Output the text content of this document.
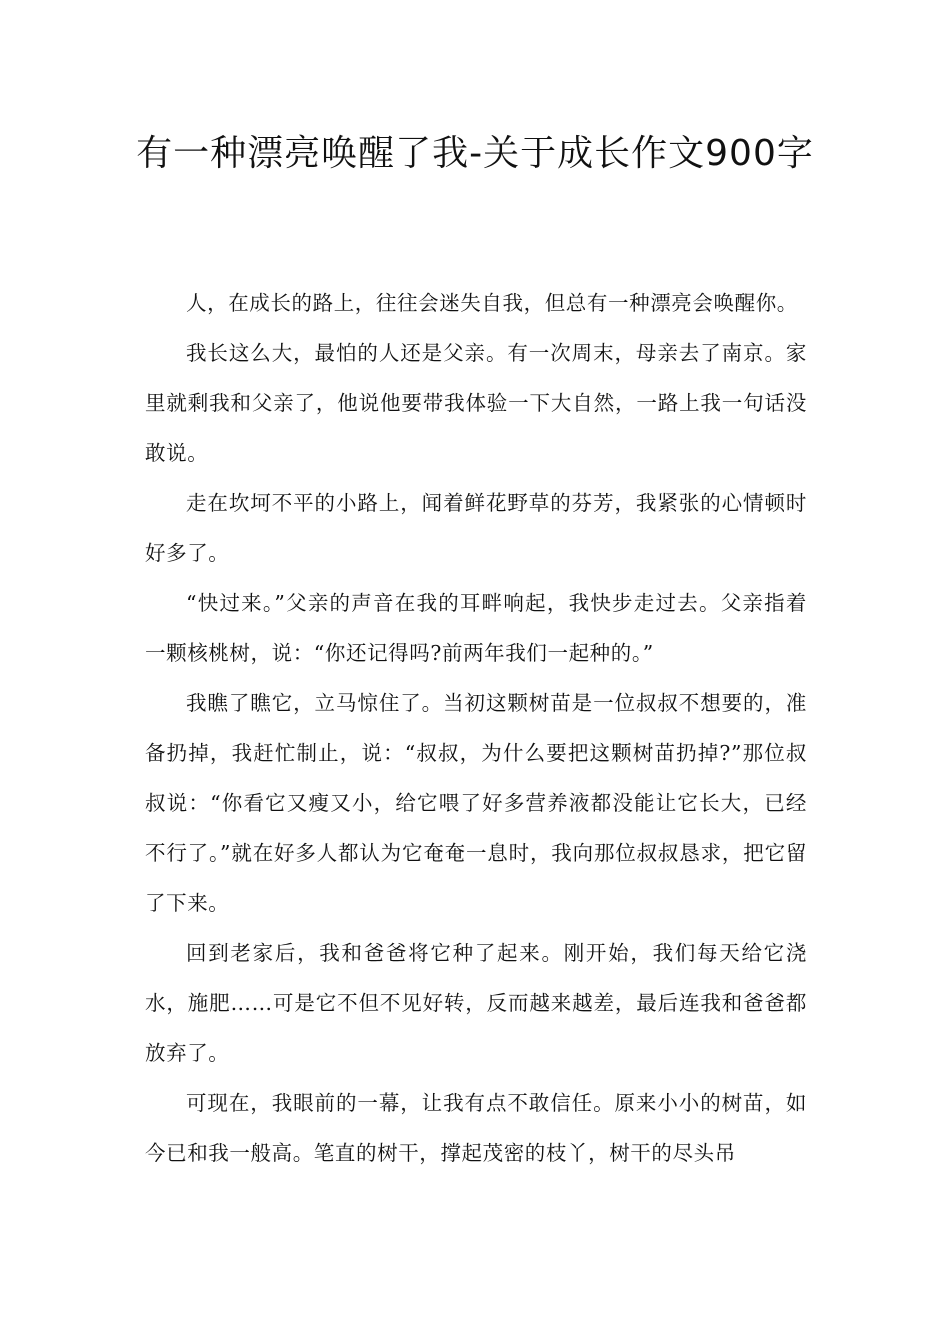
有一种漂亮唤醒了我-关于成长作文900字

人，在成长的路上，往往会迷失自我，但总有一种漂亮会唤醒你。

我长这么大，最怕的人还是父亲。有一次周末，母亲去了南京。家里就剩我和父亲了，他说他要带我体验一下大自然，一路上我一句话没敢说。

走在坎坷不平的小路上，闻着鲜花野草的芬芳，我紧张的心情顿时好多了。

“快过来。”父亲的声音在我的耳畔响起，我快步走过去。父亲指着一颗核桃树，说：“你还记得吗?前两年我们一起种的。”

我瞧了瞧它，立马惊住了。当初这颗树苗是一位叔叔不想要的，准备扔掉，我赶忙制止，说：“叔叔，为什么要把这颗树苗扔掉?”那位叔叔说：“你看它又瘦又小，给它喂了好多营养液都没能让它长大，已经不行了。”就在好多人都认为它奄奄一息时，我向那位叔叔恳求，把它留了下来。

回到老家后，我和爸爸将它种了起来。刚开始，我们每天给它浇水，施肥……可是它不但不见好转，反而越来越差，最后连我和爸爸都放弃了。

可现在，我眼前的一幕，让我有点不敢信任。原来小小的树苗，如今已和我一般高。笔直的树干，撑起茂密的枝丫，树干的尽头吊
